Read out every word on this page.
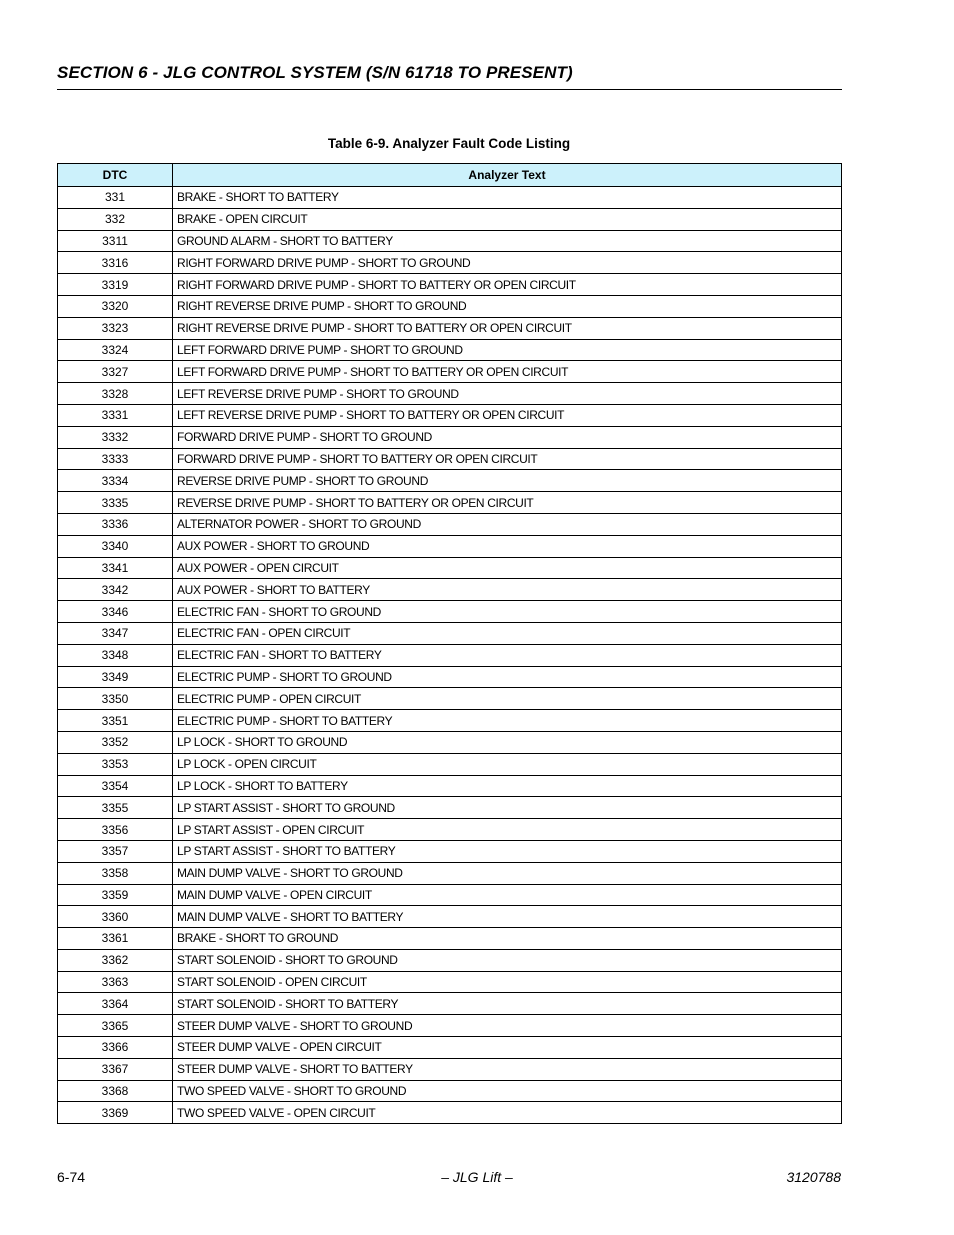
SECTION 6 - JLG CONTROL SYSTEM (S/N 61718 TO PRESENT)
Table 6-9. Analyzer Fault Code Listing
DTC	Analyzer Text
331	BRAKE - SHORT TO BATTERY
332	BRAKE - OPEN CIRCUIT
3311	GROUND ALARM - SHORT TO BATTERY
3316	RIGHT FORWARD DRIVE PUMP - SHORT TO GROUND
3319	RIGHT FORWARD DRIVE PUMP - SHORT TO BATTERY OR OPEN CIRCUIT
3320	RIGHT REVERSE DRIVE PUMP - SHORT TO GROUND
3323	RIGHT REVERSE DRIVE PUMP - SHORT TO BATTERY OR OPEN CIRCUIT
3324	LEFT FORWARD DRIVE PUMP - SHORT TO GROUND
3327	LEFT FORWARD DRIVE PUMP - SHORT TO BATTERY OR OPEN CIRCUIT
3328	LEFT REVERSE DRIVE PUMP - SHORT TO GROUND
3331	LEFT REVERSE DRIVE PUMP - SHORT TO BATTERY OR OPEN CIRCUIT
3332	FORWARD DRIVE PUMP - SHORT TO GROUND
3333	FORWARD DRIVE PUMP - SHORT TO BATTERY OR OPEN CIRCUIT
3334	REVERSE DRIVE PUMP - SHORT TO GROUND
3335	REVERSE DRIVE PUMP - SHORT TO BATTERY OR OPEN CIRCUIT
3336	ALTERNATOR POWER - SHORT TO GROUND
3340	AUX POWER - SHORT TO GROUND
3341	AUX POWER - OPEN CIRCUIT
3342	AUX POWER - SHORT TO BATTERY
3346	ELECTRIC FAN - SHORT TO GROUND
3347	ELECTRIC FAN - OPEN CIRCUIT
3348	ELECTRIC FAN - SHORT TO BATTERY
3349	ELECTRIC PUMP - SHORT TO GROUND
3350	ELECTRIC PUMP - OPEN CIRCUIT
3351	ELECTRIC PUMP - SHORT TO BATTERY
3352	LP LOCK - SHORT TO GROUND
3353	LP LOCK - OPEN CIRCUIT
3354	LP LOCK - SHORT TO BATTERY
3355	LP START ASSIST - SHORT TO GROUND
3356	LP START ASSIST - OPEN CIRCUIT
3357	LP START ASSIST - SHORT TO BATTERY
3358	MAIN DUMP VALVE - SHORT TO GROUND
3359	MAIN DUMP VALVE - OPEN CIRCUIT
3360	MAIN DUMP VALVE - SHORT TO BATTERY
3361	BRAKE - SHORT TO GROUND
3362	START SOLENOID - SHORT TO GROUND
3363	START SOLENOID - OPEN CIRCUIT
3364	START SOLENOID - SHORT TO BATTERY
3365	STEER DUMP VALVE - SHORT TO GROUND
3366	STEER DUMP VALVE - OPEN CIRCUIT
3367	STEER DUMP VALVE - SHORT TO BATTERY
3368	TWO SPEED VALVE - SHORT TO GROUND
3369	TWO SPEED VALVE - OPEN CIRCUIT
6-74	– JLG Lift –	3120788
